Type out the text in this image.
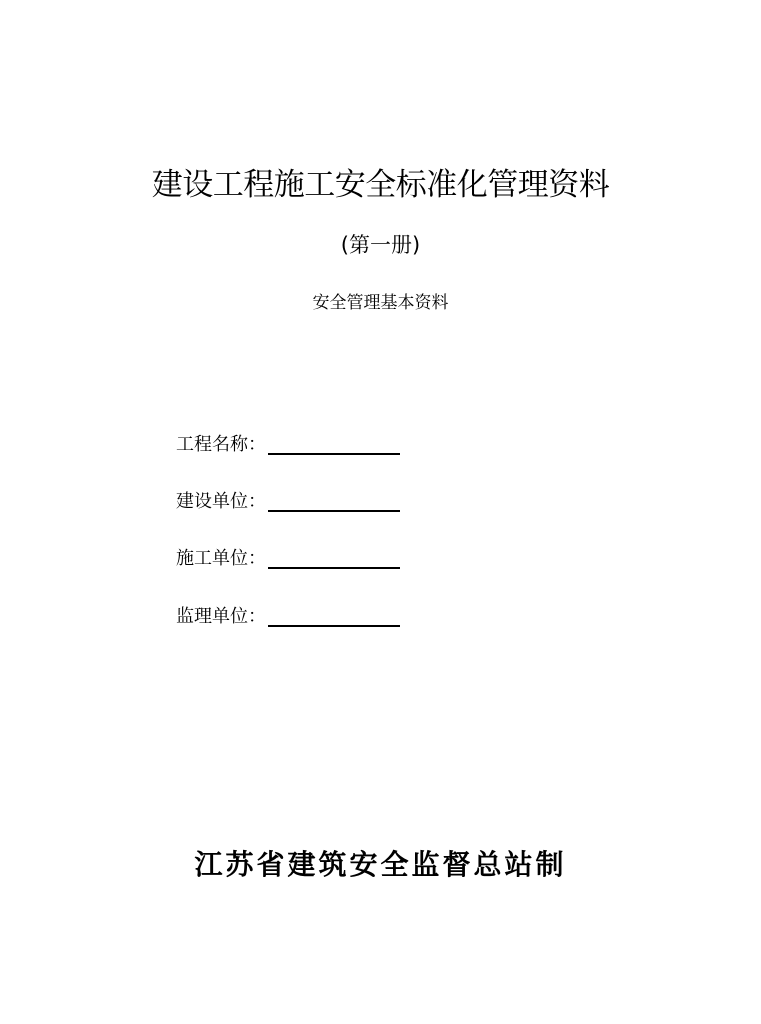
建设工程施工安全标准化管理资料
(第一册)
安全管理基本资料
工程名称：
建设单位：
施工单位：
监理单位：
江苏省建筑安全监督总站制
